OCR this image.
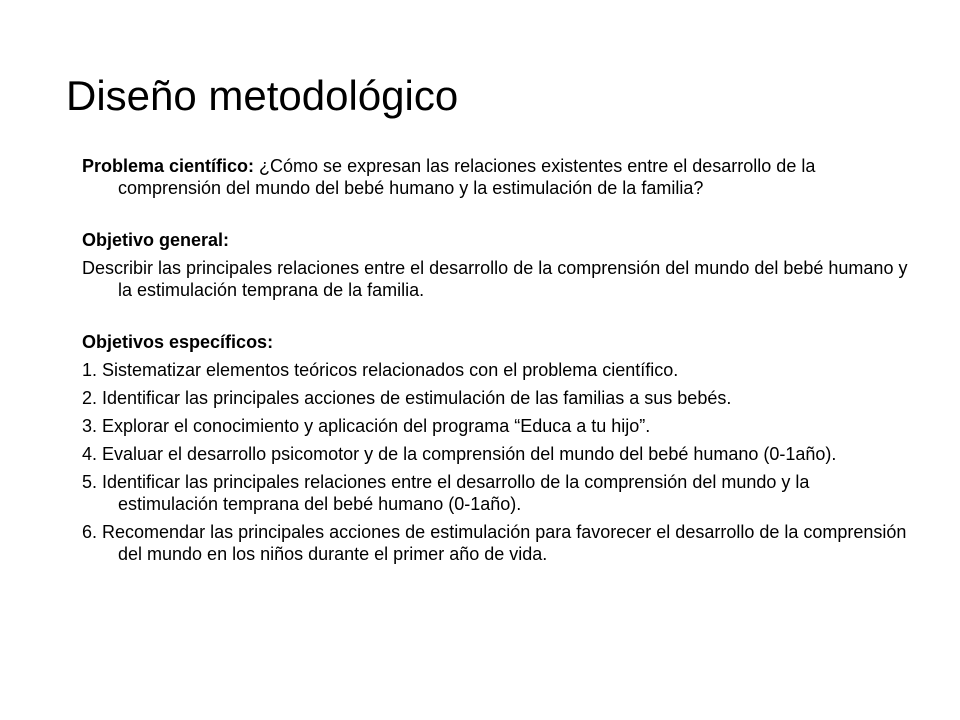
Diseño metodológico

Problema científico: ¿Cómo se expresan las relaciones existentes entre el desarrollo de la comprensión del mundo del bebé humano y la estimulación de la familia?

Objetivo general:

Describir las principales relaciones entre el desarrollo de la comprensión del mundo del bebé humano y la estimulación temprana de la familia.

Objetivos específicos:

1. Sistematizar elementos teóricos relacionados con el problema científico.

2. Identificar las principales acciones de estimulación de las familias a sus bebés.

3. Explorar el conocimiento y aplicación del programa “Educa a tu hijo”.

4. Evaluar el desarrollo psicomotor y de la comprensión del mundo del bebé humano (0-1año).

5. Identificar las principales relaciones entre el desarrollo de la comprensión del mundo y la estimulación temprana del bebé humano (0-1año).

6. Recomendar las principales acciones de estimulación para favorecer el desarrollo de la comprensión del mundo en los niños durante el primer año de vida.
